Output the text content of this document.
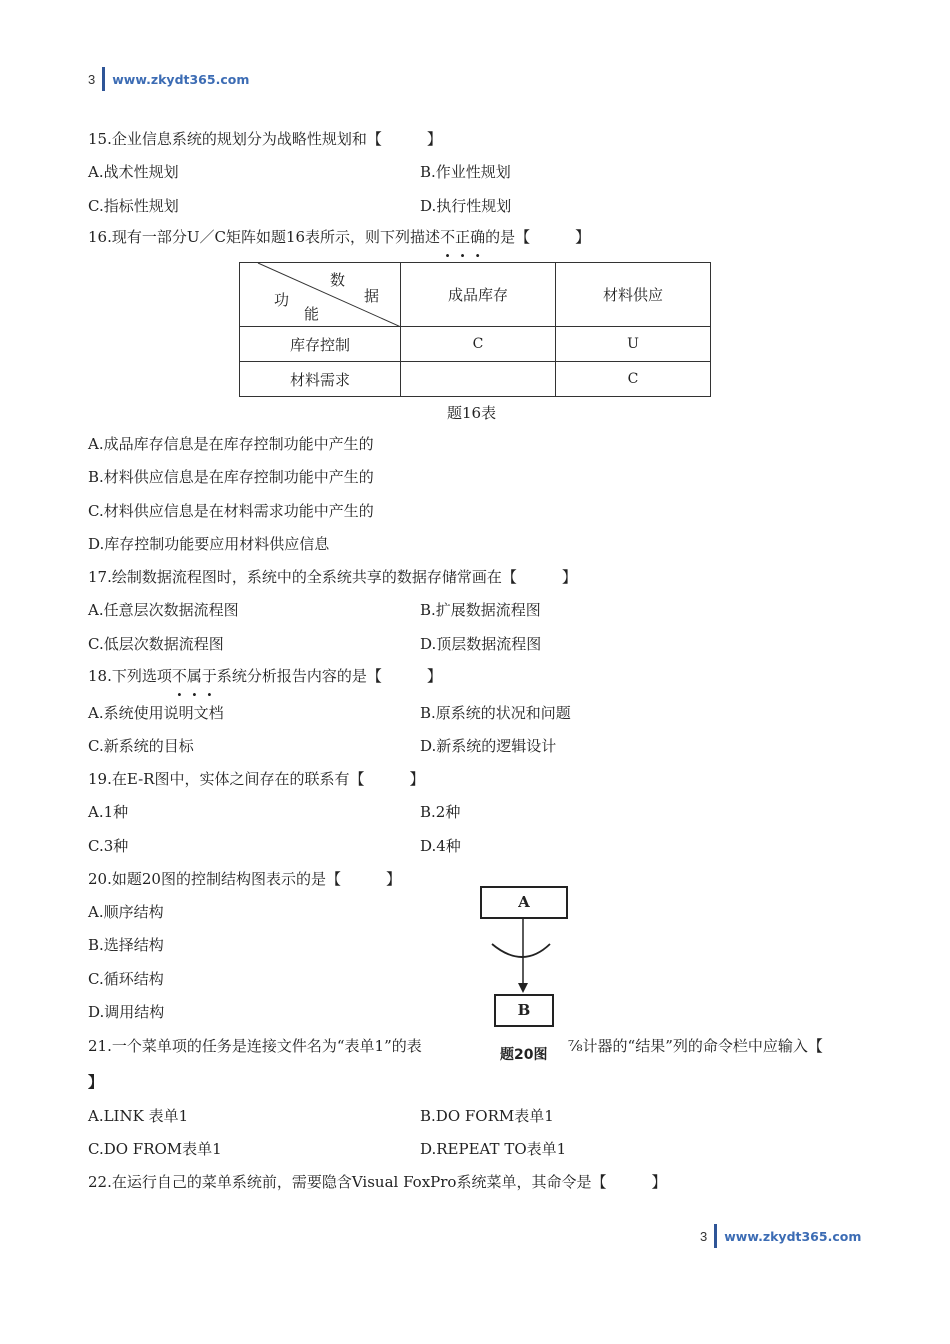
3 www.zkydt365.com
15.企业信息系统的规划分为战略性规划和【　　　】
A.战术性规划	B.作业性规划
C.指标性规划	D.执行性规划
16.现有一部分U／C矩阵如题16表所示，则下列描述不正确的是【　　　】
数
据
功
能	成品库存	材料供应
库存控制	C	U
材料需求		C
题16表
A.成品库存信息是在库存控制功能中产生的
B.材料供应信息是在库存控制功能中产生的
C.材料供应信息是在材料需求功能中产生的
D.库存控制功能要应用材料供应信息
17.绘制数据流程图时，系统中的全系统共享的数据存储常画在【　　　】
A.任意层次数据流程图	B.扩展数据流程图
C.低层次数据流程图	D.顶层数据流程图
18.下列选项不属于系统分析报告内容的是【　　　】
A.系统使用说明文档	B.原系统的状况和问题
C.新系统的目标	D.新系统的逻辑设计
19.在E-R图中，实体之间存在的联系有【　　　】
A.1种	B.2种
C.3种	D.4种
20.如题20图的控制结构图表示的是【　　　】
A.顺序结构
B.选择结构
C.循环结构
D.调用结构
A
B
21.一个菜单项的任务是连接文件名为“表单1”的表	⅞计器的“结果”列的命令栏中应输入【
题20图
】
A.LINK 表单1	B.DO FORM表单1
C.DO FROM表单1	D.REPEAT TO表单1
22.在运行自己的菜单系统前，需要隐含Visual FoxPro系统菜单，其命令是【　　　】
3 www.zkydt365.com
